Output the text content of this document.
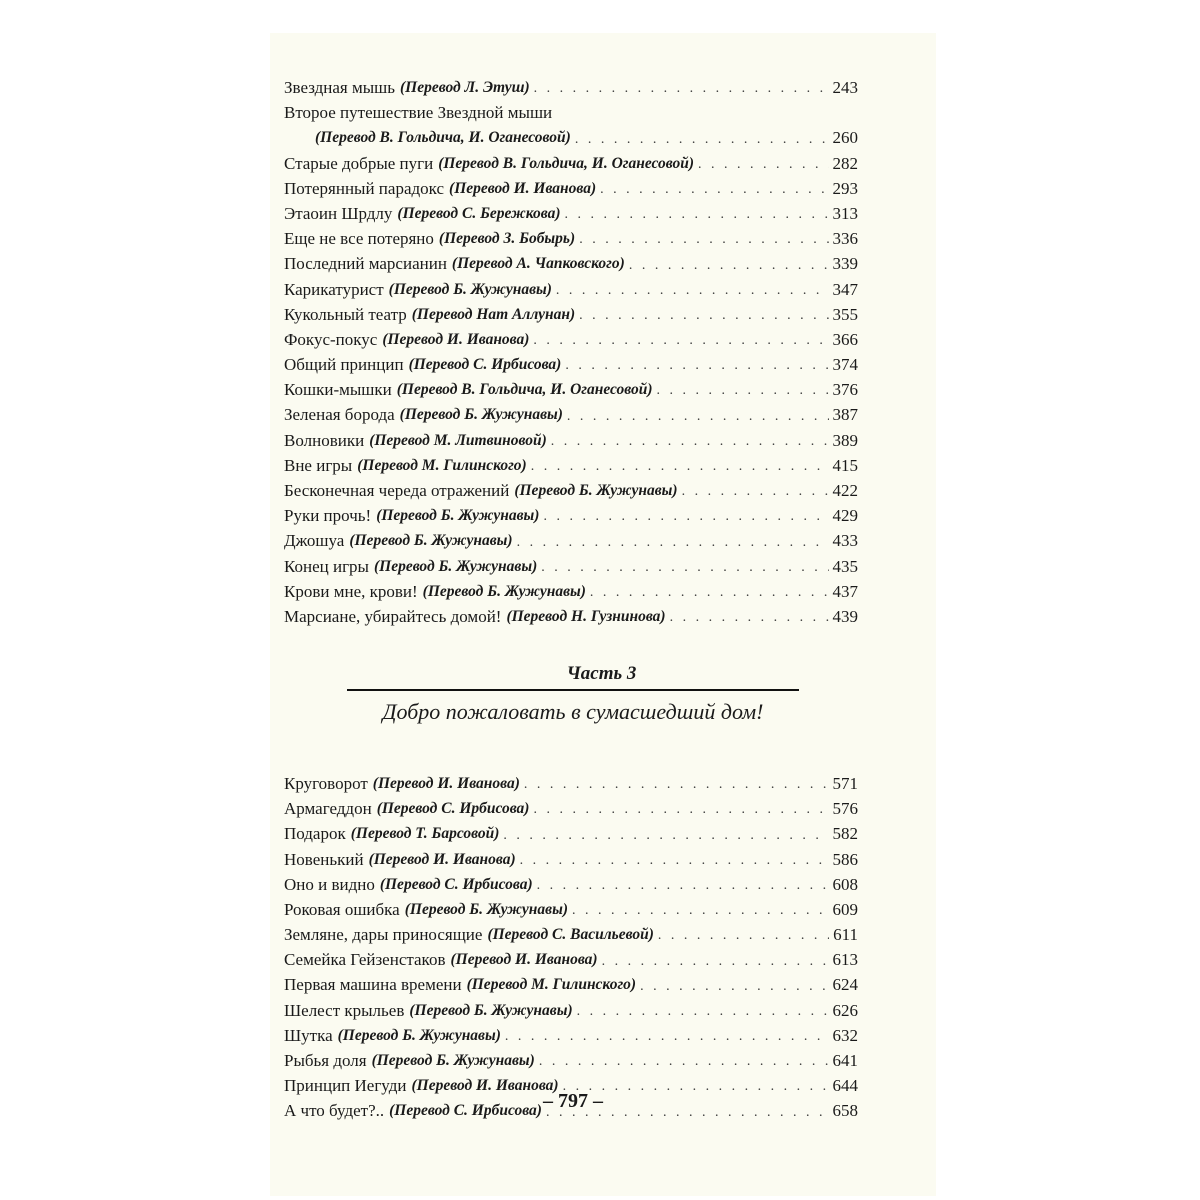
Звездная мышь (Перевод Л. Этуш) . . .	243
Второе путешествие Звездной мыши
(Перевод В. Гольдича, И. Оганесовой) . . .	260
Старые добрые пуги (Перевод В. Гольдича, И. Оганесовой) . . .	282
Потерянный парадокс (Перевод И. Иванова) . . .	293
Этаоин Шрдлу (Перевод С. Бережкова) . . .	313
Еще не все потеряно (Перевод З. Бобырь) . . .	336
Последний марсианин (Перевод А. Чапковского) . . .	339
Карикатурист (Перевод Б. Жужунавы) . . .	347
Кукольный театр (Перевод Нат Аллунан) . . .	355
Фокус-покус (Перевод И. Иванова) . . .	366
Общий принцип (Перевод С. Ирбисова) . . .	374
Кошки-мышки (Перевод В. Гольдича, И. Оганесовой) . . .	376
Зеленая борода (Перевод Б. Жужунавы) . . .	387
Волновики (Перевод М. Литвиновой) . . .	389
Вне игры (Перевод М. Гилинского) . . .	415
Бесконечная череда отражений (Перевод Б. Жужунавы) . . .	422
Руки прочь! (Перевод Б. Жужунавы) . . .	429
Джошуа (Перевод Б. Жужунавы) . . .	433
Конец игры (Перевод Б. Жужунавы) . . .	435
Крови мне, крови! (Перевод Б. Жужунавы) . . .	437
Марсиане, убирайтесь домой! (Перевод Н. Гузнинова) . . .	439
Часть 3
Добро пожаловать в сумасшедший дом!
Круговорот (Перевод И. Иванова) . . .	571
Армагеддон (Перевод С. Ирбисова) . . .	576
Подарок (Перевод Т. Барсовой) . . .	582
Новенький (Перевод И. Иванова) . . .	586
Оно и видно (Перевод С. Ирбисова) . . .	608
Роковая ошибка (Перевод Б. Жужунавы) . . .	609
Земляне, дары приносящие (Перевод С. Васильевой) . . .	611
Семейка Гейзенстаков (Перевод И. Иванова) . . .	613
Первая машина времени (Перевод М. Гилинского) . . .	624
Шелест крыльев (Перевод Б. Жужунавы) . . .	626
Шутка (Перевод Б. Жужунавы) . . .	632
Рыбья доля (Перевод Б. Жужунавы) . . .	641
Принцип Иегуди (Перевод И. Иванова) . . .	644
А что будет?.. (Перевод С. Ирбисова) . . .	658
– 797 –
